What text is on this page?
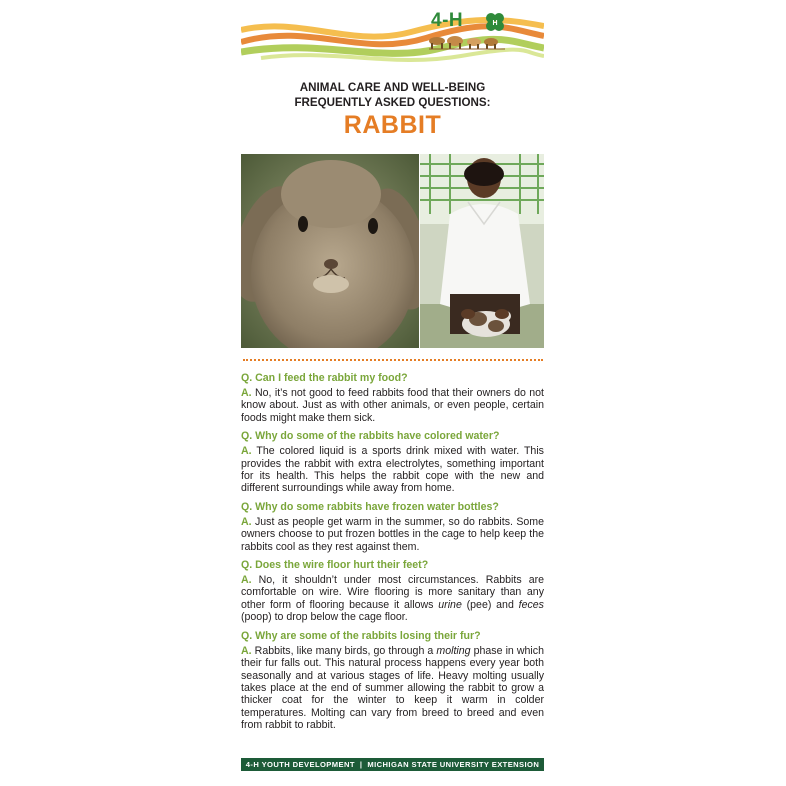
4-H	H
ANIMAL CARE AND WELL-BEING
FREQUENTLY ASKED QUESTIONS:
RABBIT
Q. Can I feed the rabbit my food?
A. No, it’s not good to feed rabbits food that their owners do not know about. Just as with other animals, or even people, certain foods might make them sick.
Q. Why do some of the rabbits have colored water?
A. The colored liquid is a sports drink mixed with water. This provides the rabbit with extra electrolytes, something important for its health. This helps the rabbit cope with the new and different surroundings while away from home.
Q. Why do some rabbits have frozen water bottles?
A. Just as people get warm in the summer, so do rabbits. Some owners choose to put frozen bottles in the cage to help keep the rabbits cool as they rest against them.
Q. Does the wire floor hurt their feet?
A. No, it shouldn’t under most circumstances. Rabbits are comfortable on wire. Wire flooring is more sanitary than any other form of flooring because it allows urine (pee) and feces (poop) to drop below the cage floor.
Q. Why are some of the rabbits losing their fur?
A. Rabbits, like many birds, go through a molting phase in which their fur falls out. This natural process happens every year both seasonally and at various stages of life. Heavy molting usually takes place at the end of summer allowing the rabbit to grow a thicker coat for the winter to keep it warm in colder temperatures. Molting can vary from breed to breed and even from rabbit to rabbit.
4-H YOUTH DEVELOPMENT  |  MICHIGAN STATE UNIVERSITY EXTENSION
